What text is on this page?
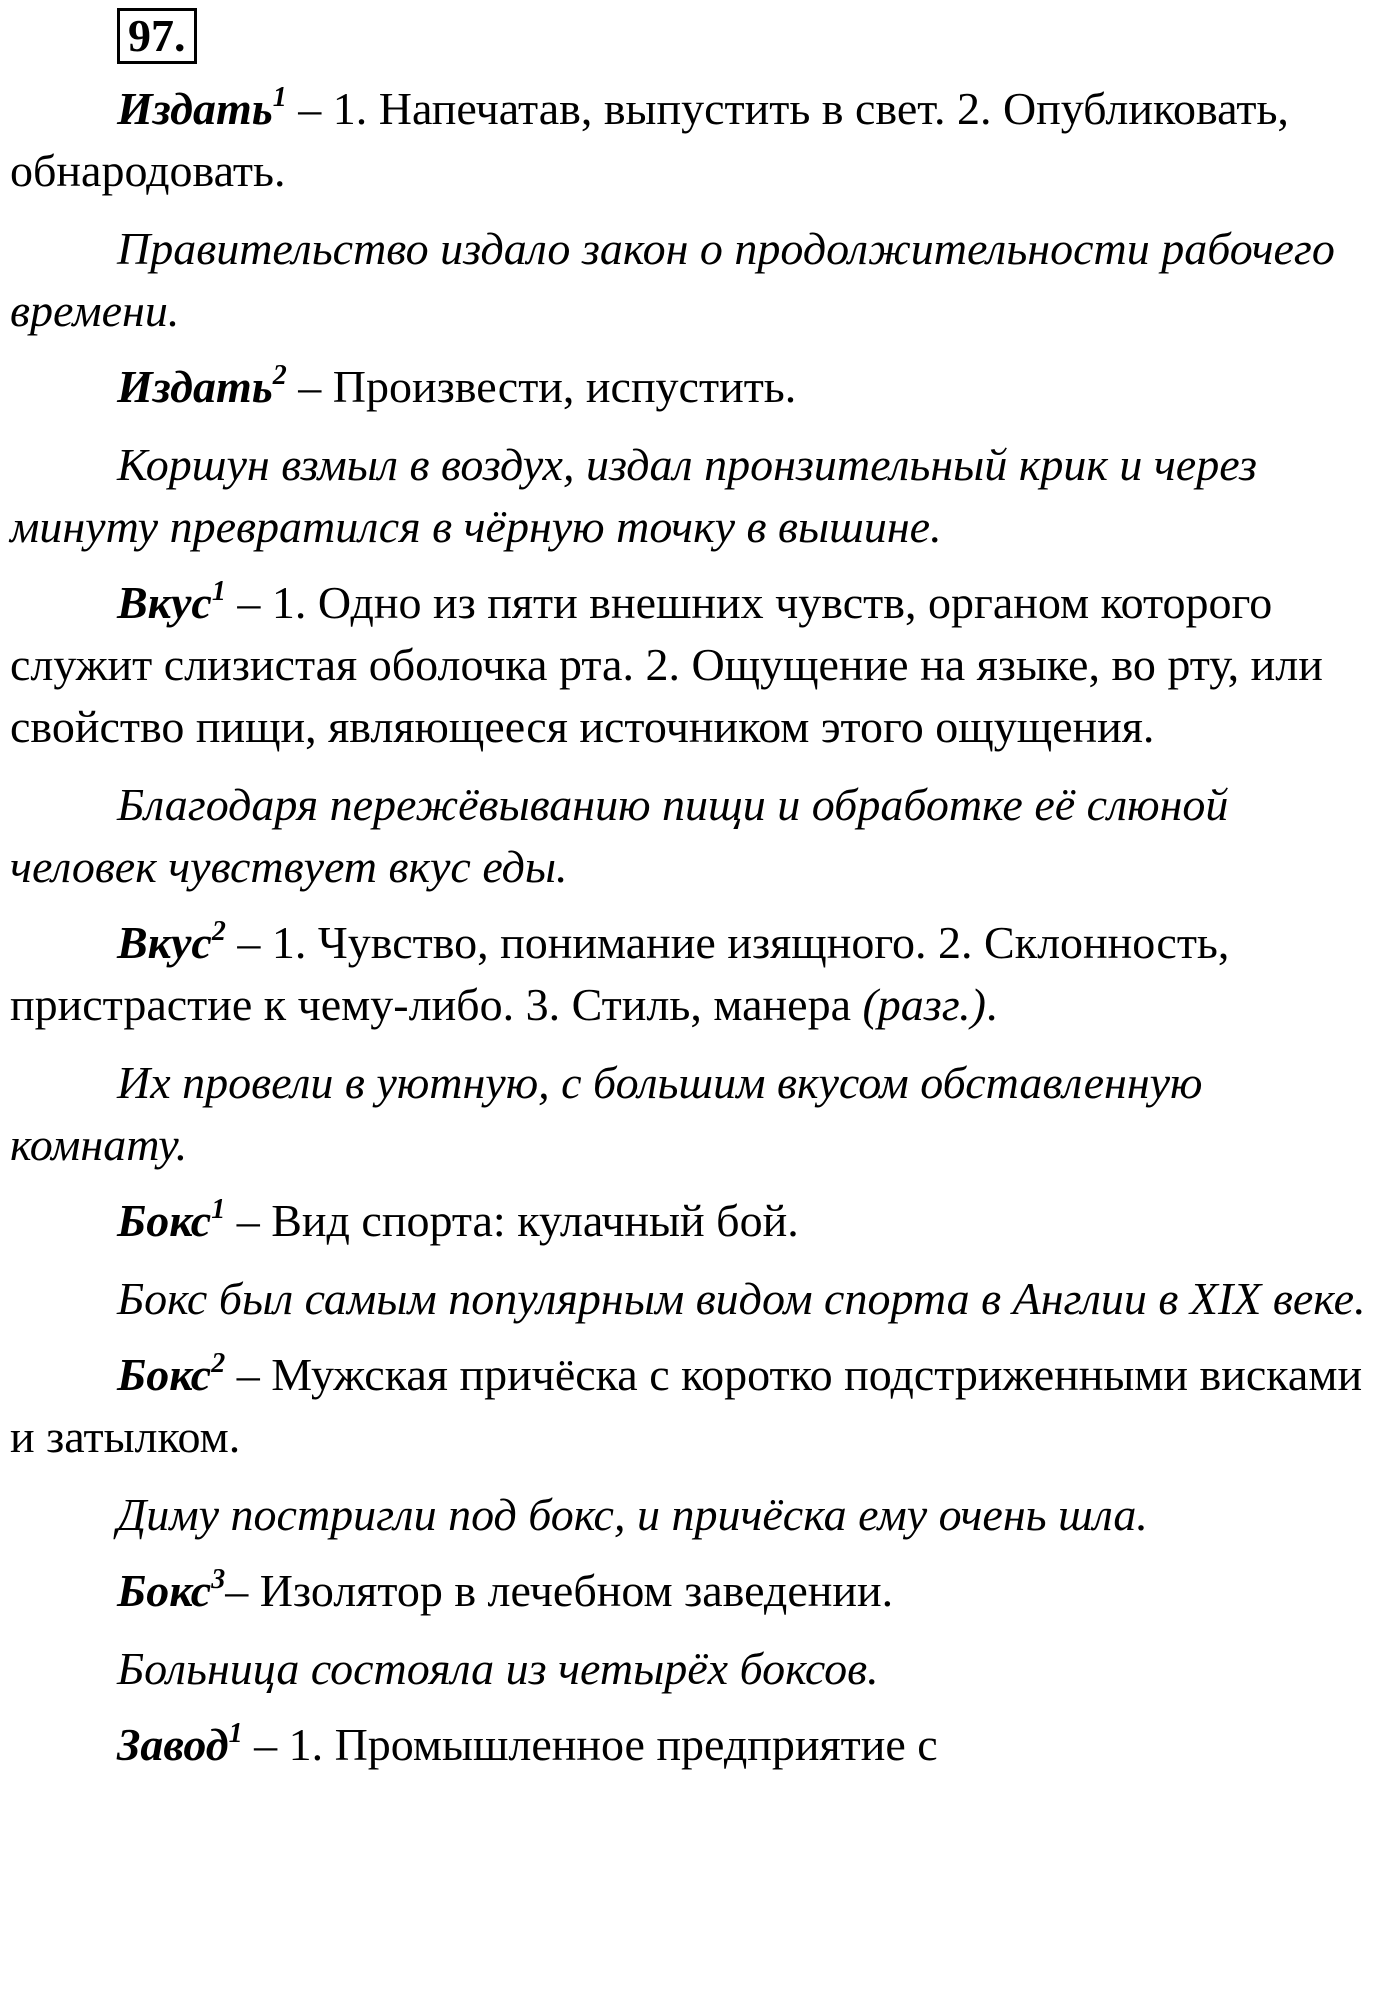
97.

Издать$^1$ – 1. Напечатав, выпустить в свет. 2. Опубликовать, обнародовать.

Правительство издало закон о продолжительности рабочего времени.

Издать$^2$ – Произвести, испустить.

Коршун взмыл в воздух, издал пронзительный крик и через минуту превратился в чёрную точку в вышине.

Вкус$^1$ – 1. Одно из пяти внешних чувств, органом которого служит слизистая оболочка рта. 2. Ощущение на языке, во рту, или свойство пищи, являющееся источником этого ощущения.

Благодаря пережёвыванию пищи и обработке её слюной человек чувствует вкус еды.

Вкус$^2$ – 1. Чувство, понимание изящного. 2. Склонность, пристрастие к чему-либо. 3. Стиль, манера (разг.).

Их провели в уютную, с большим вкусом обставленную комнату.

Бокс$^1$ – Вид спорта: кулачный бой.

Бокс был самым популярным видом спорта в Англии в XIX веке.

Бокс$^2$ – Мужская причёска с коротко подстриженными висками и затылком.

Диму постригли под бокс, и причёска ему очень шла.

Бокс$^3$– Изолятор в лечебном заведении.

Больница состояла из четырёх боксов.

Завод$^1$ – 1. Промышленное предприятие с
